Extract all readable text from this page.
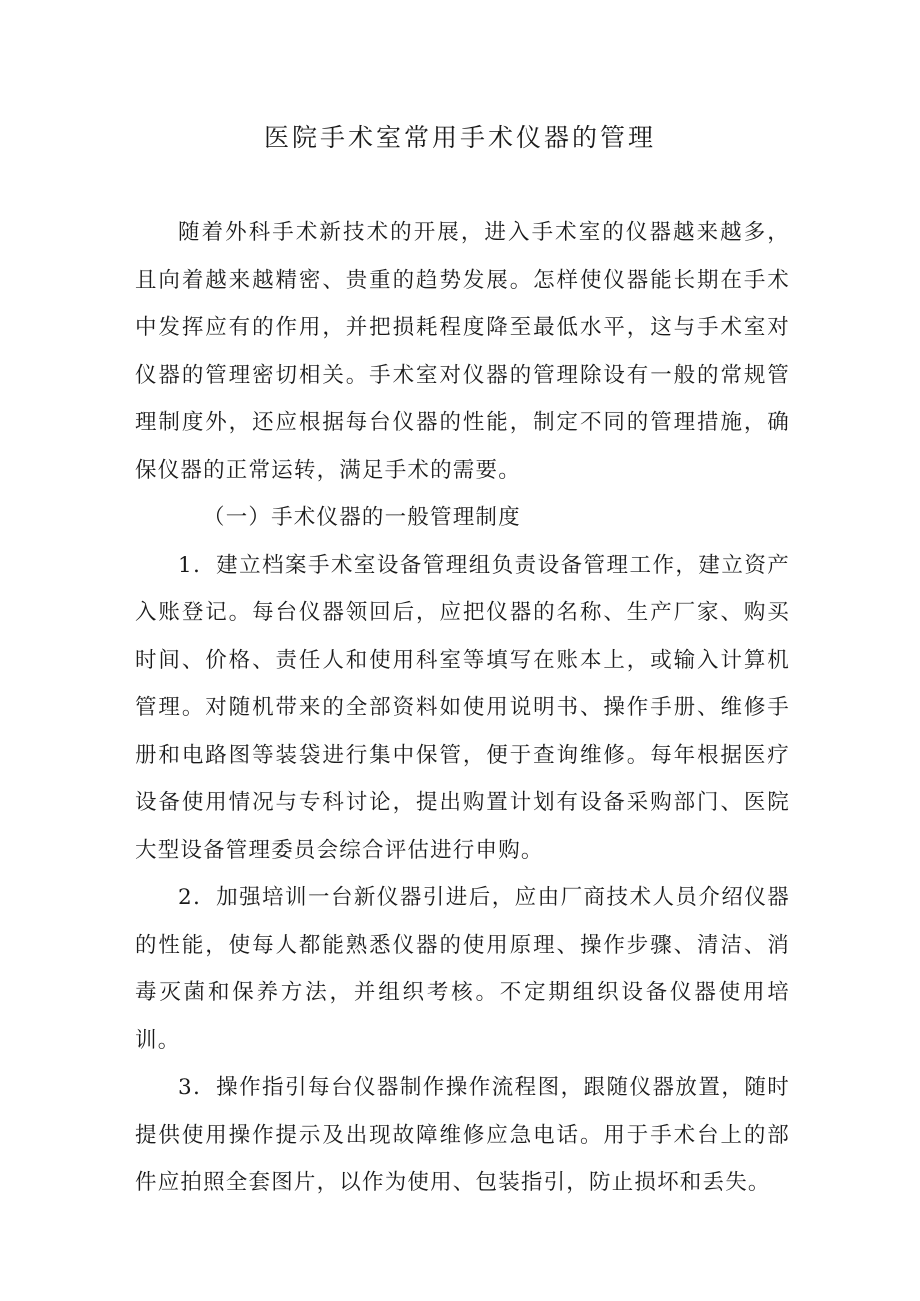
医院手术室常用手术仪器的管理

随着外科手术新技术的开展，进入手术室的仪器越来越多，且向着越来越精密、贵重的趋势发展。怎样使仪器能长期在手术中发挥应有的作用，并把损耗程度降至最低水平，这与手术室对仪器的管理密切相关。手术室对仪器的管理除设有一般的常规管理制度外，还应根据每台仪器的性能，制定不同的管理措施，确保仪器的正常运转，满足手术的需要。

（一）手术仪器的一般管理制度

1．建立档案手术室设备管理组负责设备管理工作，建立资产入账登记。每台仪器领回后，应把仪器的名称、生产厂家、购买时间、价格、责任人和使用科室等填写在账本上，或输入计算机管理。对随机带来的全部资料如使用说明书、操作手册、维修手册和电路图等装袋进行集中保管，便于查询维修。每年根据医疗设备使用情况与专科讨论，提出购置计划有设备采购部门、医院大型设备管理委员会综合评估进行申购。

2．加强培训一台新仪器引进后，应由厂商技术人员介绍仪器的性能，使每人都能熟悉仪器的使用原理、操作步骤、清洁、消毒灭菌和保养方法，并组织考核。不定期组织设备仪器使用培训。

3．操作指引每台仪器制作操作流程图，跟随仪器放置，随时提供使用操作提示及出现故障维修应急电话。用于手术台上的部件应拍照全套图片，以作为使用、包装指引，防止损坏和丢失。
